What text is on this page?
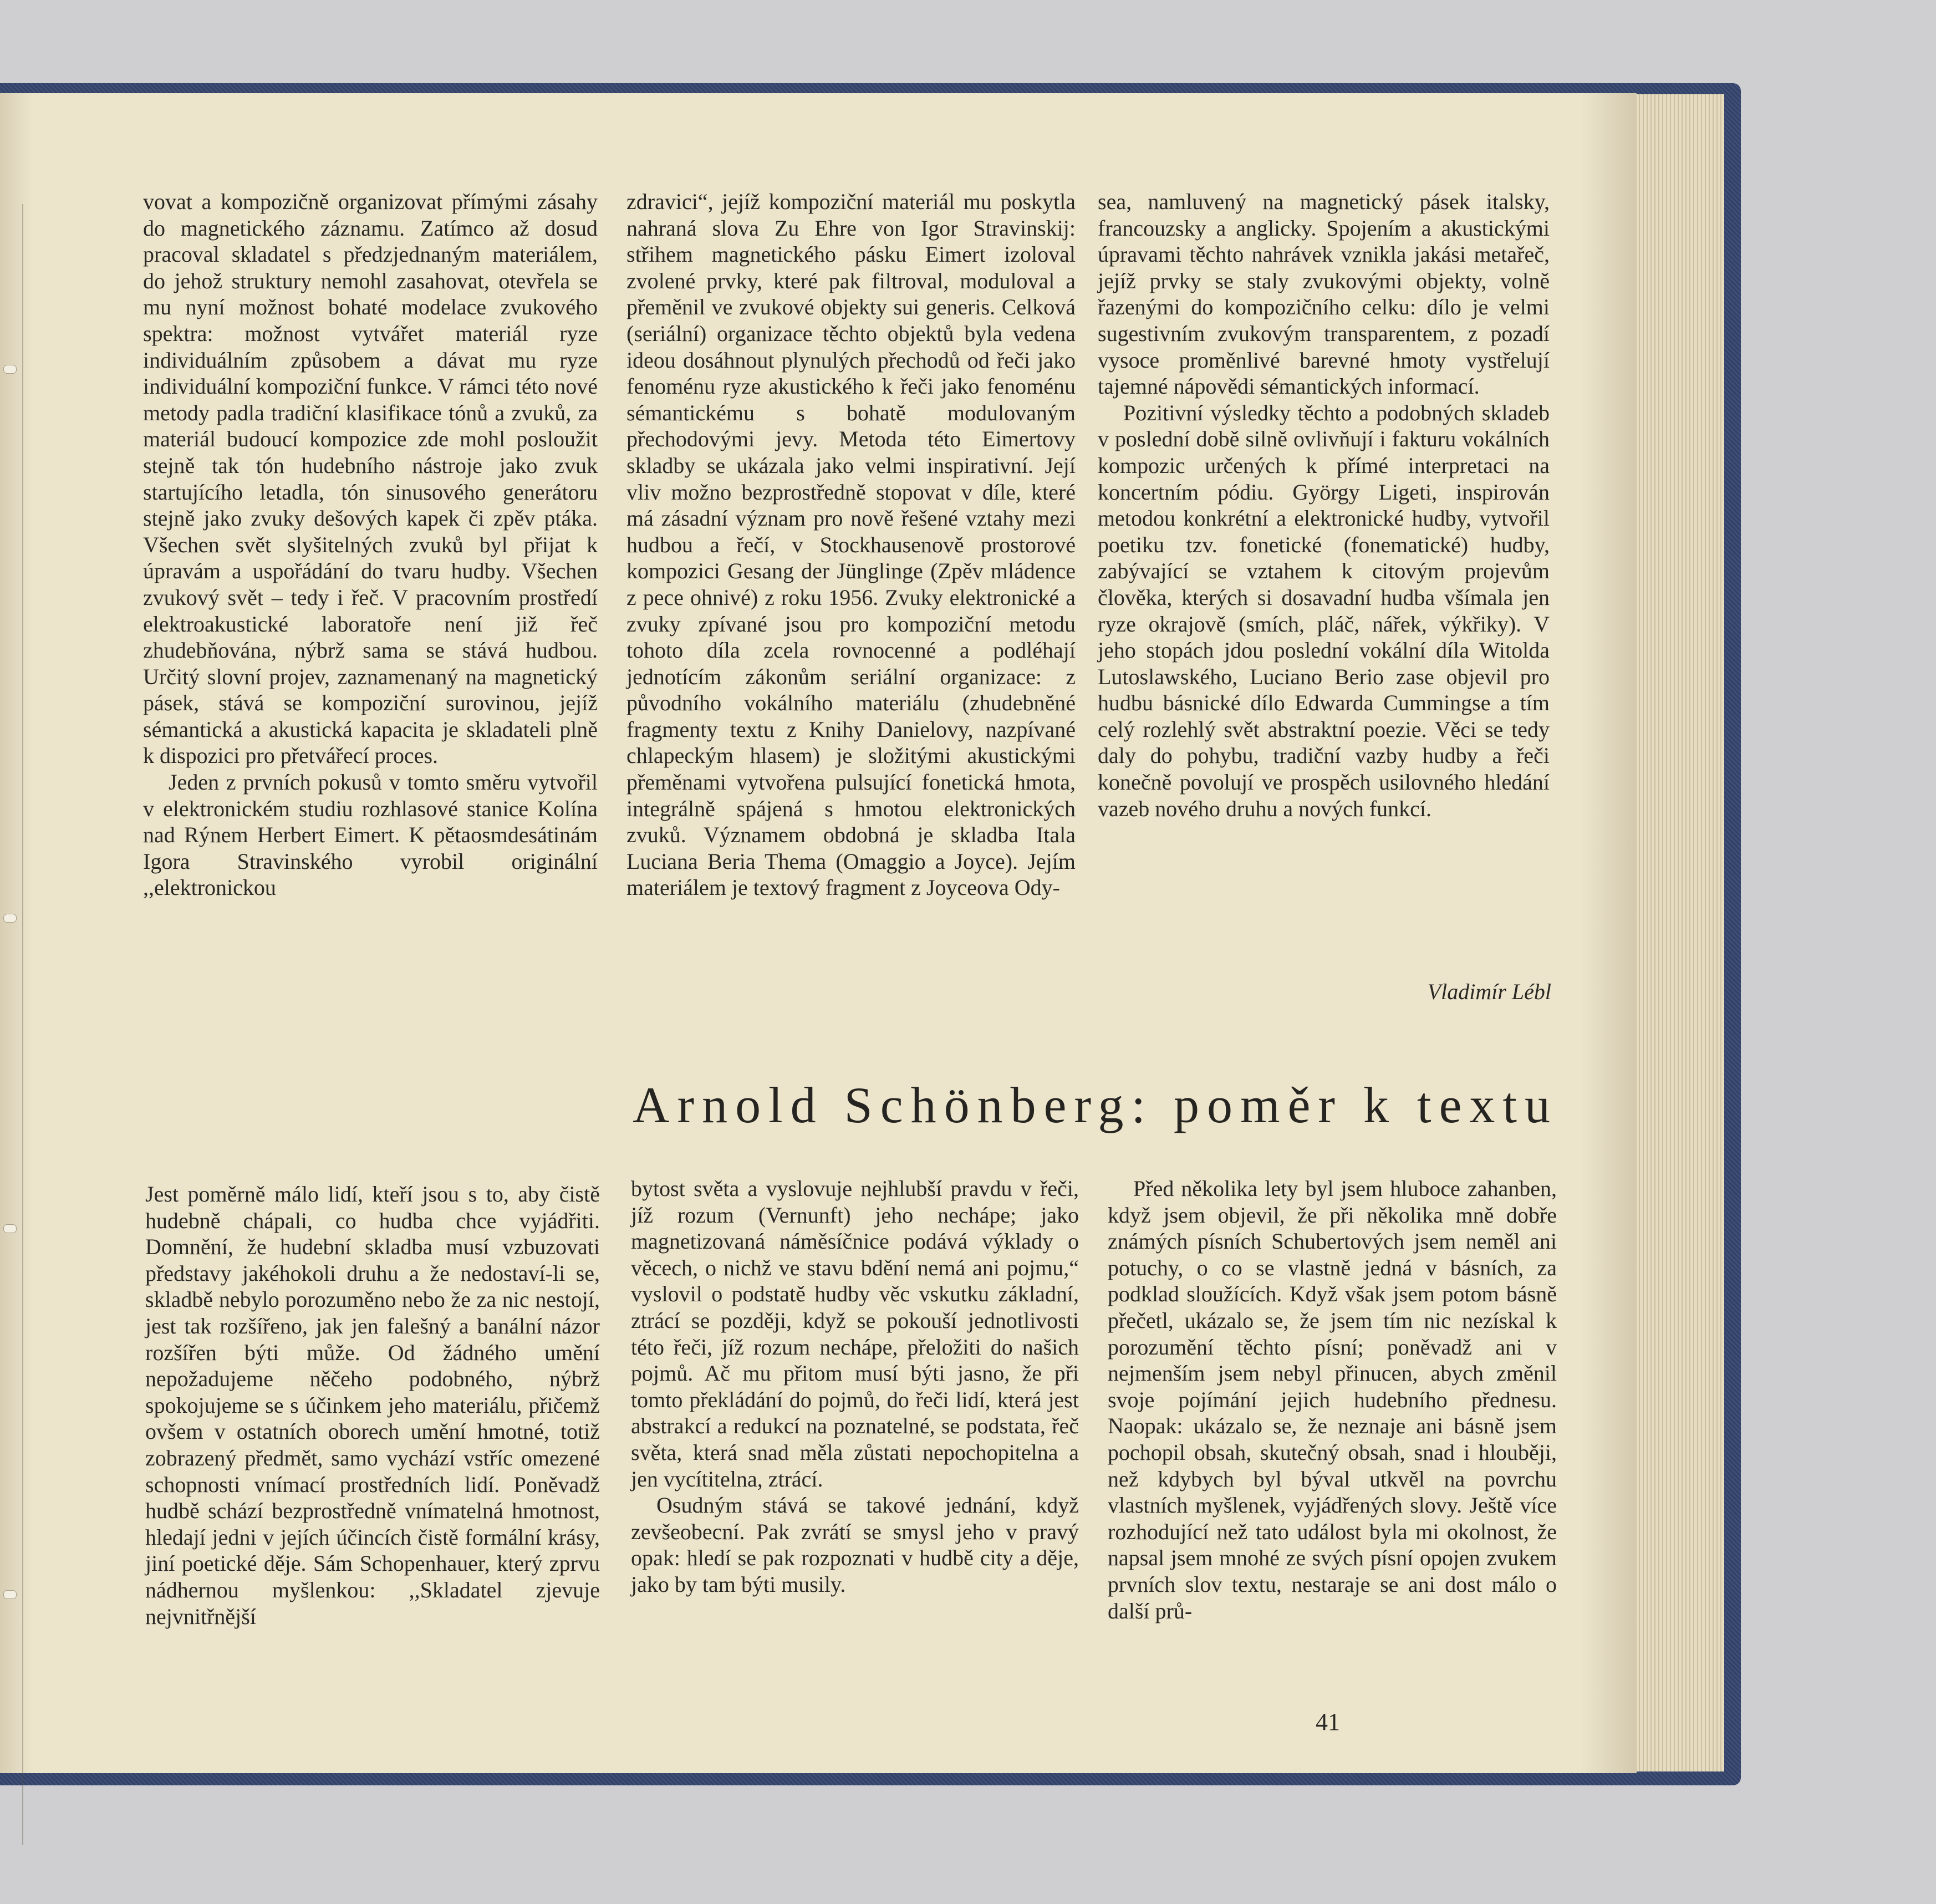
vovat a kompozičně organizovat přímými zásahy do magnetického záznamu. Zatímco až dosud pracoval skladatel s předzjednaným materiálem, do jehož struktury nemohl zasahovat, otevřela se mu nyní možnost bohaté modelace zvukového spektra: možnost vytvářet materiál ryze individuálním způsobem a dávat mu ryze individuální kompoziční funkce. V rámci této nové metody padla tradiční klasifikace tónů a zvuků, za materiál budoucí kompozice zde mohl posloužit stejně tak tón hudebního nástroje jako zvuk startujícího letadla, tón sinusového generátoru stejně jako zvuky dešových kapek či zpěv ptáka. Všechen svět slyšitelných zvuků byl přijat k úpravám a uspořádání do tvaru hudby. Všechen zvukový svět – tedy i řeč. V pracovním prostředí elektroakustické laboratoře není již řeč zhudebňována, nýbrž sama se stává hudbou. Určitý slovní projev, zaznamenaný na magnetický pásek, stává se kompoziční surovinou, jejíž sémantická a akustická kapacita je skladateli plně k dispozici pro přetvářecí proces.

Jeden z prvních pokusů v tomto směru vytvořil v elektronickém studiu rozhlasové stanice Kolína nad Rýnem Herbert Eimert. K pětaosmdesátinám Igora Stravinského vyrobil originální ,,elektronickou

zdravici“, jejíž kompoziční materiál mu poskytla nahraná slova Zu Ehre von Igor Stravinskij: střihem magnetického pásku Eimert izoloval zvolené prvky, které pak filtroval, moduloval a přeměnil ve zvukové objekty sui generis. Celková (seriální) organizace těchto objektů byla vedena ideou dosáhnout plynulých přechodů od řeči jako fenoménu ryze akustického k řeči jako fenoménu sémantickému s bohatě modulovaným přechodovými jevy. Metoda této Eimertovy skladby se ukázala jako velmi inspirativní. Její vliv možno bezprostředně stopovat v díle, které má zásadní význam pro nově řešené vztahy mezi hudbou a řečí, v Stockhausenově prostorové kompozici Gesang der Jünglinge (Zpěv mládence z pece ohnivé) z roku 1956. Zvuky elektronické a zvuky zpívané jsou pro kompoziční metodu tohoto díla zcela rovnocenné a podléhají jednotícím zákonům seriální organizace: z původního vokálního materiálu (zhudebněné fragmenty textu z Knihy Danielovy, nazpívané chlapeckým hlasem) je složitými akustickými přeměnami vytvořena pulsující fonetická hmota, integrálně spájená s hmotou elektronických zvuků. Významem obdobná je skladba Itala Luciana Beria Thema (Omaggio a Joyce). Jejím materiálem je textový fragment z Joyceova Ody-

sea, namluvený na magnetický pásek italsky, francouzsky a anglicky. Spojením a akustickými úpravami těchto nahrávek vznikla jakási metařeč, jejíž prvky se staly zvukovými objekty, volně řazenými do kompozičního celku: dílo je velmi sugestivním zvukovým transparentem, z pozadí vysoce proměnlivé barevné hmoty vystřelují tajemné nápovědi sémantických informací.

Pozitivní výsledky těchto a podobných skladeb v poslední době silně ovlivňují i fakturu vokálních kompozic určených k přímé interpretaci na koncertním pódiu. György Ligeti, inspirován metodou konkrétní a elektronické hudby, vytvořil poetiku tzv. fonetické (fonematické) hudby, zabývající se vztahem k citovým projevům člověka, kterých si dosavadní hudba všímala jen ryze okrajově (smích, pláč, nářek, výkřiky). V jeho stopách jdou poslední vokální díla Witolda Lutoslawského, Luciano Berio zase objevil pro hudbu básnické dílo Edwarda Cummingse a tím celý rozlehlý svět abstraktní poezie. Věci se tedy daly do pohybu, tradiční vazby hudby a řeči konečně povolují ve prospěch usilovného hledání vazeb nového druhu a nových funkcí.

Vladimír Lébl
Arnold Schönberg: poměr k textu

Jest poměrně málo lidí, kteří jsou s to, aby čistě hudebně chápali, co hudba chce vyjádřiti. Domnění, že hudební skladba musí vzbuzovati představy jakéhokoli druhu a že nedostaví-li se, skladbě nebylo porozuměno nebo že za nic nestojí, jest tak rozšířeno, jak jen falešný a banální názor rozšířen býti může. Od žádného umění nepožadujeme něčeho podobného, nýbrž spokojujeme se s účinkem jeho materiálu, přičemž ovšem v ostatních oborech umění hmotné, totiž zobrazený předmět, samo vychází vstříc omezené schopnosti vnímací prostředních lidí. Poněvadž hudbě schází bezprostředně vnímatelná hmotnost, hledají jedni v jejích účincích čistě formální krásy, jiní poetické děje. Sám Schopenhauer, který zprvu nádhernou myšlenkou: ,,Skladatel zjevuje nejvnitřnější

bytost světa a vyslovuje nejhlubší pravdu v řeči, jíž rozum (Vernunft) jeho nechápe; jako magnetizovaná náměsíčnice podává výklady o věcech, o nichž ve stavu bdění nemá ani pojmu,“ vyslovil o podstatě hudby věc vskutku základní, ztrácí se později, když se pokouší jednotlivosti této řeči, jíž rozum nechápe, přeložiti do našich pojmů. Ač mu přitom musí býti jasno, že při tomto překládání do pojmů, do řeči lidí, která jest abstrakcí a redukcí na poznatelné, se podstata, řeč světa, která snad měla zůstati nepochopitelna a jen vycítitelna, ztrácí.

Osudným stává se takové jednání, když zevšeobecní. Pak zvrátí se smysl jeho v pravý opak: hledí se pak rozpoznati v hudbě city a děje, jako by tam býti musily.

Před několika lety byl jsem hluboce zahanben, když jsem objevil, že při několika mně dobře známých písních Schubertových jsem neměl ani potuchy, o co se vlastně jedná v básních, za podklad sloužících. Když však jsem potom básně přečetl, ukázalo se, že jsem tím nic nezískal k porozumění těchto písní; poněvadž ani v nejmenším jsem nebyl přinucen, abych změnil svoje pojímání jejich hudebního přednesu. Naopak: ukázalo se, že neznaje ani básně jsem pochopil obsah, skutečný obsah, snad i hlouběji, než kdybych byl býval utkvěl na povrchu vlastních myšlenek, vyjádřených slovy. Ještě více rozhodující než tato událost byla mi okolnost, že napsal jsem mnohé ze svých písní opojen zvukem prvních slov textu, nestaraje se ani dost málo o další prů-

41
